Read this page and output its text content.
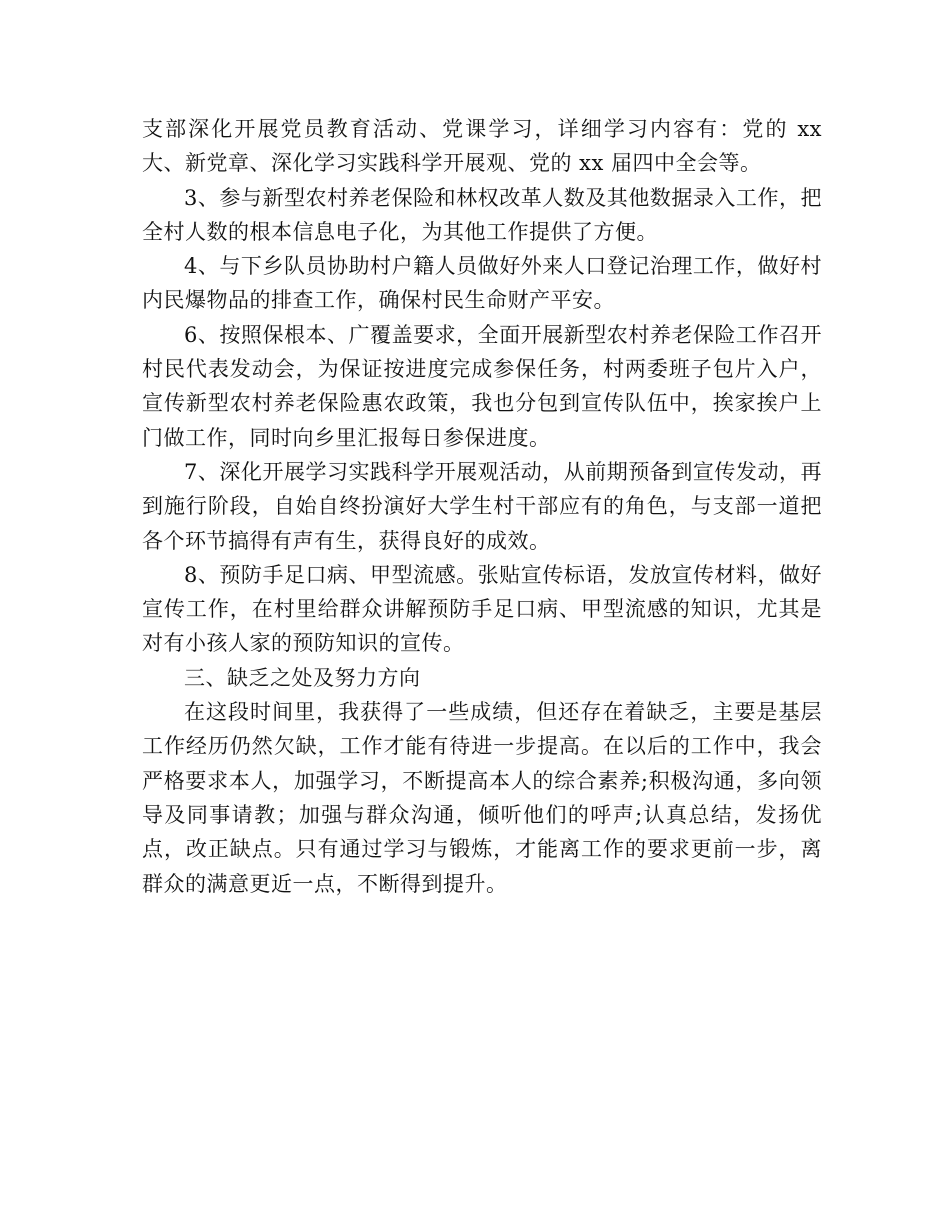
支部深化开展党员教育活动、党课学习，详细学习内容有：党的 xx 大、新党章、深化学习实践科学开展观、党的 xx 届四中全会等。

3、参与新型农村养老保险和林权改革人数及其他数据录入工作，把全村人数的根本信息电子化，为其他工作提供了方便。

4、与下乡队员协助村户籍人员做好外来人口登记治理工作，做好村内民爆物品的排查工作，确保村民生命财产平安。

6、按照保根本、广覆盖要求，全面开展新型农村养老保险工作召开村民代表发动会，为保证按进度完成参保任务，村两委班子包片入户，宣传新型农村养老保险惠农政策，我也分包到宣传队伍中，挨家挨户上门做工作，同时向乡里汇报每日参保进度。

7、深化开展学习实践科学开展观活动，从前期预备到宣传发动，再到施行阶段，自始自终扮演好大学生村干部应有的角色，与支部一道把各个环节搞得有声有生，获得良好的成效。

8、预防手足口病、甲型流感。张贴宣传标语，发放宣传材料，做好宣传工作，在村里给群众讲解预防手足口病、甲型流感的知识，尤其是对有小孩人家的预防知识的宣传。

三、缺乏之处及努力方向

在这段时间里，我获得了一些成绩，但还存在着缺乏，主要是基层工作经历仍然欠缺，工作才能有待进一步提高。在以后的工作中，我会严格要求本人，加强学习，不断提高本人的综合素养;积极沟通，多向领导及同事请教；加强与群众沟通，倾听他们的呼声;认真总结，发扬优点，改正缺点。只有通过学习与锻炼，才能离工作的要求更前一步，离群众的满意更近一点，不断得到提升。
